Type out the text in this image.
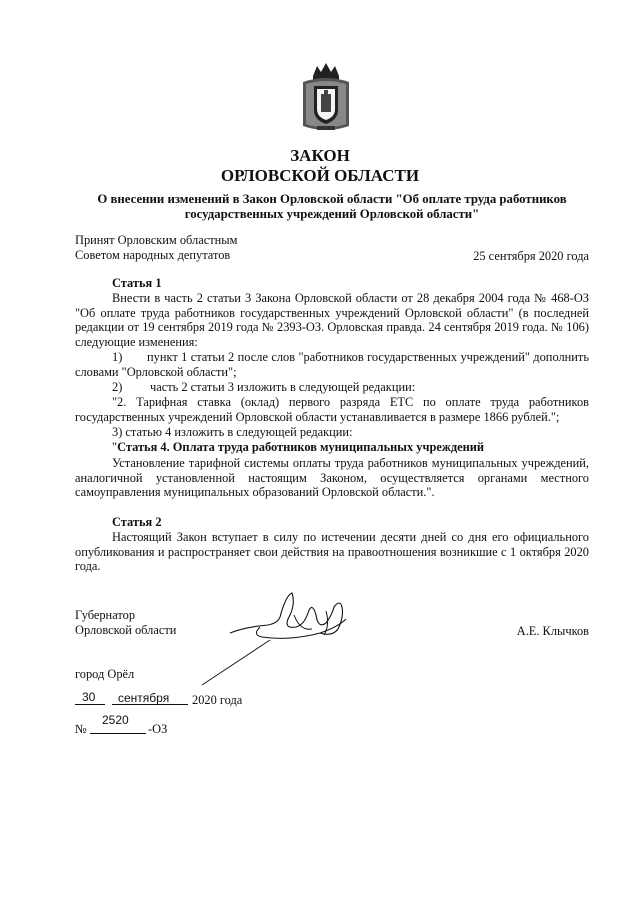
ЗАКОН
ОРЛОВСКОЙ ОБЛАСТИ
О внесении изменений в Закон Орловской области "Об оплате труда работников
государственных учреждений Орловской области"
Принят Орловским областным
Советом народных депутатов	25 сентября 2020 года
Статья 1
Внести в часть 2 статьи 3 Закона Орловской области от 28 декабря 2004 года № 468-ОЗ "Об оплате труда работников государственных учреждений Орловской области" (в последней редакции от 19 сентября 2019 года № 2393-ОЗ. Орловская правда. 24 сентября 2019 года. № 106) следующие изменения:
1)	пункт 1 статьи 2 после слов "работников государственных учреждений" дополнить словами "Орловской области";
2) часть 2 статьи 3 изложить в следующей редакции:
"2. Тарифная ставка (оклад) первого разряда ЕТС по оплате труда работников государственных учреждений Орловской области устанавливается в размере 1866 рублей.";
3) статью 4 изложить в следующей редакции:
"Статья 4. Оплата труда работников муниципальных учреждений
Установление тарифной системы оплаты труда работников муниципальных учреждений, аналогичной установленной настоящим Законом, осуществляется органами местного самоуправления муниципальных образований Орловской области.".
Статья 2
Настоящий Закон вступает в силу по истечении десяти дней со дня его официального опубликования и распространяет свои действия на правоотношения возникшие с 1 октября 2020 года.
Губернатор
Орловской области	А.Е. Клычков
город Орёл
30 сентября 2020 года
№
2520
-ОЗ
